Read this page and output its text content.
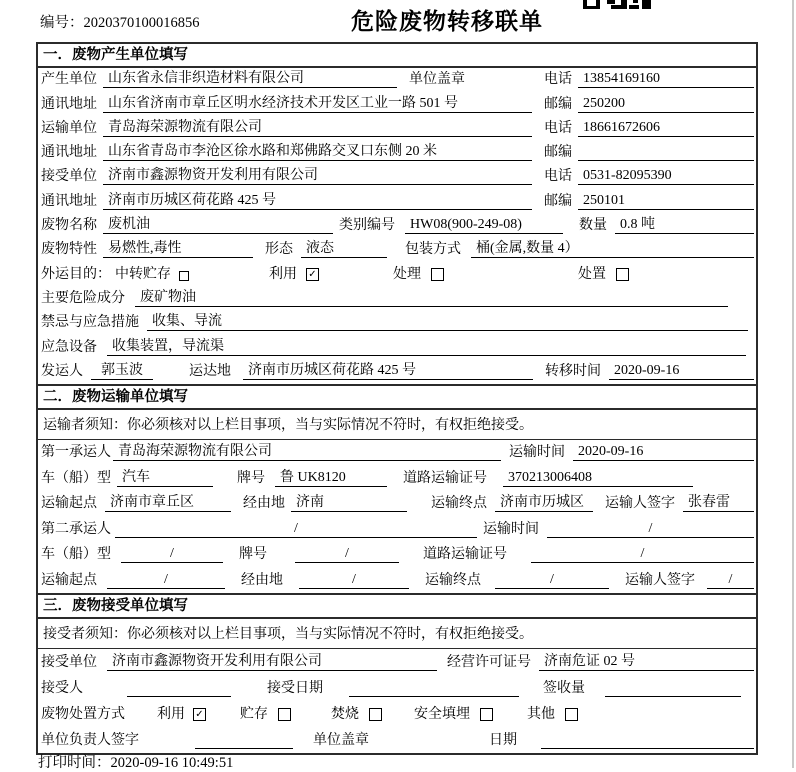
编号：2020370100016856	危险废物转移联单
一．废物产生单位填写
产生单位 山东省永信非织造材料有限公司	单位盖章	电话 13854169160
通讯地址 山东省济南市章丘区明水经济技术开发区工业一路 501 号	邮编 250200
运输单位 青岛海荣源物流有限公司	电话 18661672606
通讯地址 山东省青岛市李沧区徐水路和郑佛路交叉口东侧 20 米	邮编
接受单位 济南市鑫源物资开发利用有限公司	电话 0531-82095390
通讯地址 济南市历城区荷花路 425 号	邮编 250101
废物名称 废机油	类别编号	HW08(900-249-08)	数量 0.8 吨
废物特性 易燃性,毒性	形态 液态	包装方式	桶(金属,数量 4）
外运目的： 中转贮存	利用 ✓	处理	处置
主要危险成分	废矿物油
禁忌与应急措施 收集、导流
应急设备	收集装置，导流渠
发运人	郭玉波	运达地	济南市历城区荷花路 425 号	转移时间 2020-09-16
二．废物运输单位填写
运输者须知：你必须核对以上栏目事项，当与实际情况不符时，有权拒绝接受。
第一承运人 青岛海荣源物流有限公司	运输时间 2020-09-16
车（船）型 汽车	牌号	鲁 UK8120	道路运输证号	370213006408
运输起点 济南市章丘区	经由地 济南	运输终点 济南市历城区	运输人签字 张春雷
第二承运人	/	运输时间	/
车（船）型	/	牌号	/	道路运输证号	/
运输起点	/	经由地	/	运输终点	/	运输人签字	/
三．废物接受单位填写
接受者须知：你必须核对以上栏目事项，当与实际情况不符时，有权拒绝接受。
接受单位	济南市鑫源物资开发利用有限公司	经营许可证号 济南危证 02 号
接受人	接受日期	签收量
废物处置方式 利用 ✓	贮存	焚烧	安全填埋	其他
单位负责人签字	单位盖章	日期
打印时间：2020-09-16 10:49:51
